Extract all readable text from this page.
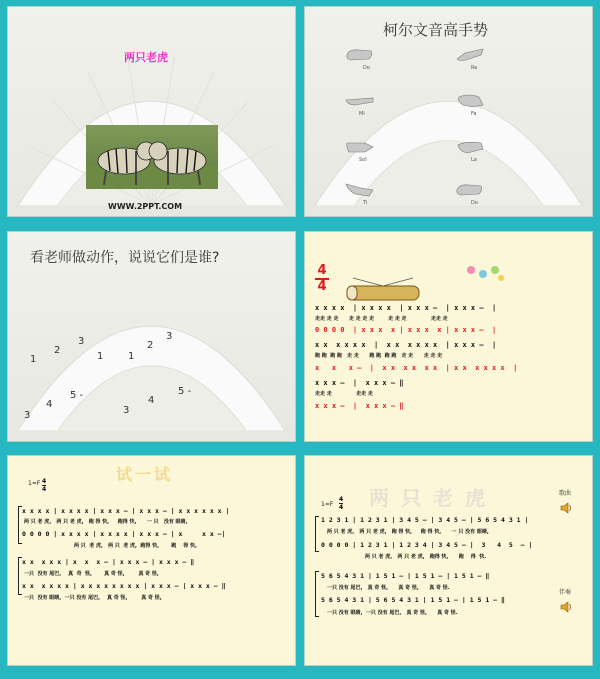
两只老虎
WWW.2PPT.COM
柯尔文音高手势
Do	Re
Mi	Fa
Sol	La
Ti	Do
看老师做动作，说说它们是谁?
1
2
3
1 1
2
3
3
4
5 -
3
4
5 -
4
4
x x x x  | x x x x  | x x x —  | x x x —  |
走走 走 走      走 走 走 走        走 走 走              走走 走
0 0 0 0  | x x x  x | x x x  x | x x x —  |
x x  x x x x  |  x x  x x x x  | x x x —  |
跑 跑  跑 跑   走 走      跑 跑  跑 跑   走 走      走 走 走
x   x   x —  |  x x  x x  x x  | x x  x x x x  |
x x x —  |  x x x — ‖
走走 走              走走 走
x x x —  |  x x x — ‖
试一试
1=F 4
4
x x x x | x x x x | x x x — | x x x — | x x x x x x |
两 只 老 虎,   两 只 老 虎,   跑 得 快,     跑得 快,      一 只   没有 眼睛,
0 0 0 0 | x x x x | x x x x | x x x — | x     x x —|
两 只  老 虎,   两 只  老 虎,  跑得 快,       跑    得 快,
x x  x x x | x  x  x — | x x x — | x x x — ‖
一只  没有 尾巴,    真  奇  怪,       真 奇 怪,        真 奇 怪,
x x  x x x x | x x x x x x x x | x x x — | x x x — ‖
一只  没有 眼睛,  一只 没有 尾巴,    真 奇 怪,        真 奇 怪,
两只老虎
1=F
4
4
歌曲
1 2 3 1 | 1 2 3 1 | 3 4 5 — | 3 4 5 — | 5 6 5 4 3 1 |
两 只 老 虎,   两 只 老 虎,   跑 得 快,     跑 得 快,      一 只 没有 眼睛,
0 0 0 0 | 1 2 3 1 | 1 2 3 4 | 3 4 5 — |  3   4  5  — |
两 只 老 虎,   两 只 老 虎,   跑得 快,      跑    得  快.
伴奏
5 6 5 4 3 1 | 1 5 1 — | 1 5 1 — | 1 5 1 — ‖
一只 没有 尾巴,   真 奇 怪,      真 奇 怪,      真 奇 怪.
5 6 5 4 3 1 | 5 6 5 4 3 1 | 1 5 1 — | 1 5 1 — ‖
一只 没有 眼睛,  一只 没有 尾巴,   真 奇 怪,      真 奇 怪.
